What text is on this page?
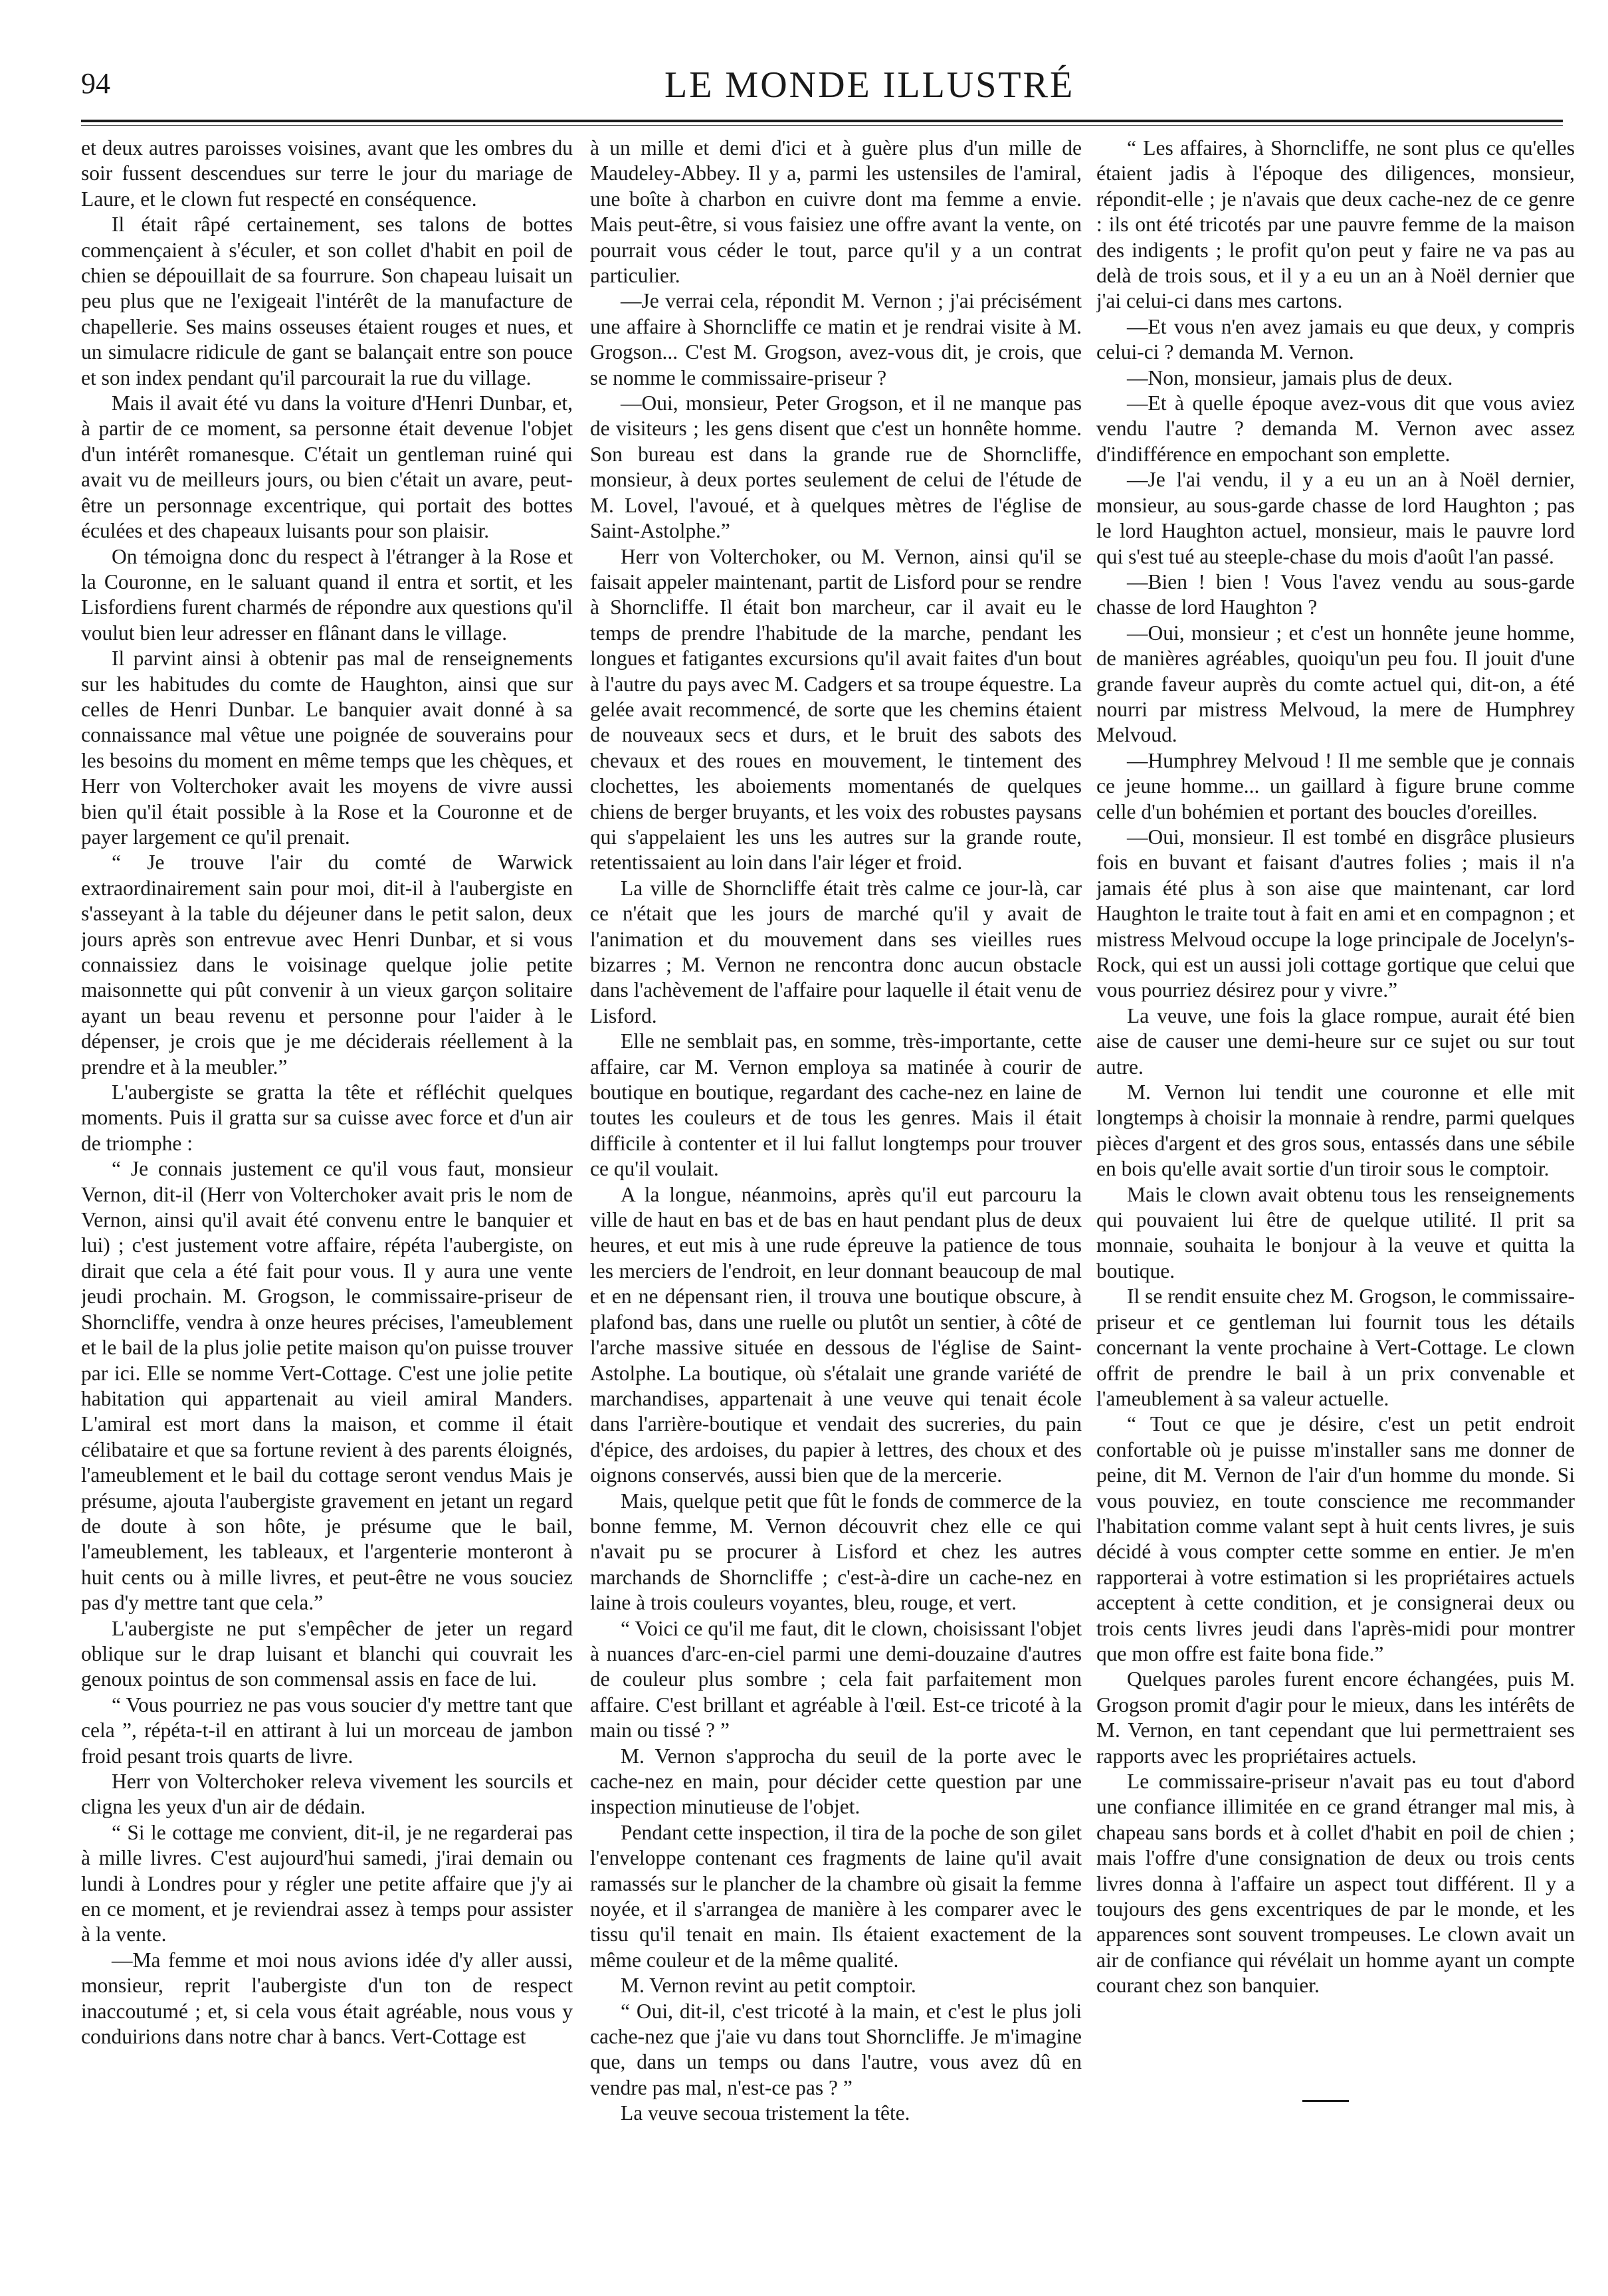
94	LE MONDE ILLUSTRÉ

et deux autres paroisses voisines, avant que les ombres du soir fussent descendues sur terre le jour du mariage de Laure, et le clown fut respecté en conséquence.

Il était râpé certainement, ses talons de bottes commençaient à s'éculer, et son collet d'habit en poil de chien se dépouillait de sa fourrure. Son chapeau luisait un peu plus que ne l'exigeait l'intérêt de la manufacture de chapellerie. Ses mains osseuses étaient rouges et nues, et un simulacre ridicule de gant se balançait entre son pouce et son index pendant qu'il parcourait la rue du village.

Mais il avait été vu dans la voiture d'Henri Dunbar, et, à partir de ce moment, sa personne était devenue l'objet d'un intérêt romanesque. C'était un gentleman ruiné qui avait vu de meilleurs jours, ou bien c'était un avare, peut-être un personnage excentrique, qui portait des bottes éculées et des chapeaux luisants pour son plaisir.

On témoigna donc du respect à l'étranger à la Rose et la Couronne, en le saluant quand il entra et sortit, et les Lisfordiens furent charmés de répondre aux questions qu'il voulut bien leur adresser en flânant dans le village.

Il parvint ainsi à obtenir pas mal de renseignements sur les habitudes du comte de Haughton, ainsi que sur celles de Henri Dunbar. Le banquier avait donné à sa connaissance mal vêtue une poignée de souverains pour les besoins du moment en même temps que les chèques, et Herr von Volterchoker avait les moyens de vivre aussi bien qu'il était possible à la Rose et la Couronne et de payer largement ce qu'il prenait.

“ Je trouve l'air du comté de Warwick extraordinairement sain pour moi, dit-il à l'aubergiste en s'asseyant à la table du déjeuner dans le petit salon, deux jours après son entrevue avec Henri Dunbar, et si vous connaissiez dans le voisinage quelque jolie petite maisonnette qui pût convenir à un vieux garçon solitaire ayant un beau revenu et personne pour l'aider à le dépenser, je crois que je me déciderais réellement à la prendre et à la meubler.”

L'aubergiste se gratta la tête et réfléchit quelques moments. Puis il gratta sur sa cuisse avec force et d'un air de triomphe :

“ Je connais justement ce qu'il vous faut, monsieur Vernon, dit-il (Herr von Volterchoker avait pris le nom de Vernon, ainsi qu'il avait été convenu entre le banquier et lui) ; c'est justement votre affaire, répéta l'aubergiste, on dirait que cela a été fait pour vous. Il y aura une vente jeudi prochain. M. Grogson, le commissaire-priseur de Shorncliffe, vendra à onze heures précises, l'ameublement et le bail de la plus jolie petite maison qu'on puisse trouver par ici. Elle se nomme Vert-Cottage. C'est une jolie petite habitation qui appartenait au vieil amiral Manders. L'amiral est mort dans la maison, et comme il était célibataire et que sa fortune revient à des parents éloignés, l'ameublement et le bail du cottage seront vendus Mais je présume, ajouta l'aubergiste gravement en jetant un regard de doute à son hôte, je présume que le bail, l'ameublement, les tableaux, et l'argenterie monteront à huit cents ou à mille livres, et peut-être ne vous souciez pas d'y mettre tant que cela.”

L'aubergiste ne put s'empêcher de jeter un regard oblique sur le drap luisant et blanchi qui couvrait les genoux pointus de son commensal assis en face de lui.

“ Vous pourriez ne pas vous soucier d'y mettre tant que cela ”, répéta-t-il en attirant à lui un morceau de jambon froid pesant trois quarts de livre.

Herr von Volterchoker releva vivement les sourcils et cligna les yeux d'un air de dédain.

“ Si le cottage me convient, dit-il, je ne regarderai pas à mille livres. C'est aujourd'hui samedi, j'irai demain ou lundi à Londres pour y régler une petite affaire que j'y ai en ce moment, et je reviendrai assez à temps pour assister à la vente.

—Ma femme et moi nous avions idée d'y aller aussi, monsieur, reprit l'aubergiste d'un ton de respect inaccoutumé ; et, si cela vous était agréable, nous vous y conduirions dans notre char à bancs. Vert-Cottage est

à un mille et demi d'ici et à guère plus d'un mille de Maudeley-Abbey. Il y a, parmi les ustensiles de l'amiral, une boîte à charbon en cuivre dont ma femme a envie. Mais peut-être, si vous faisiez une offre avant la vente, on pourrait vous céder le tout, parce qu'il y a un contrat particulier.

—Je verrai cela, répondit M. Vernon ; j'ai précisément une affaire à Shorncliffe ce matin et je rendrai visite à M. Grogson... C'est M. Grogson, avez-vous dit, je crois, que se nomme le commissaire-priseur ?

—Oui, monsieur, Peter Grogson, et il ne manque pas de visiteurs ; les gens disent que c'est un honnête homme. Son bureau est dans la grande rue de Shorncliffe, monsieur, à deux portes seulement de celui de l'étude de M. Lovel, l'avoué, et à quelques mètres de l'église de Saint-Astolphe.”

Herr von Volterchoker, ou M. Vernon, ainsi qu'il se faisait appeler maintenant, partit de Lisford pour se rendre à Shorncliffe. Il était bon marcheur, car il avait eu le temps de prendre l'habitude de la marche, pendant les longues et fatigantes excursions qu'il avait faites d'un bout à l'autre du pays avec M. Cadgers et sa troupe équestre. La gelée avait recommencé, de sorte que les chemins étaient de nouveaux secs et durs, et le bruit des sabots des chevaux et des roues en mouvement, le tintement des clochettes, les aboiements momentanés de quelques chiens de berger bruyants, et les voix des robustes paysans qui s'appelaient les uns les autres sur la grande route, retentissaient au loin dans l'air léger et froid.

La ville de Shorncliffe était très calme ce jour-là, car ce n'était que les jours de marché qu'il y avait de l'animation et du mouvement dans ses vieilles rues bizarres ; M. Vernon ne rencontra donc aucun obstacle dans l'achèvement de l'affaire pour laquelle il était venu de Lisford.

Elle ne semblait pas, en somme, très-importante, cette affaire, car M. Vernon employa sa matinée à courir de boutique en boutique, regardant des cache-nez en laine de toutes les couleurs et de tous les genres. Mais il était difficile à contenter et il lui fallut longtemps pour trouver ce qu'il voulait.

A la longue, néanmoins, après qu'il eut parcouru la ville de haut en bas et de bas en haut pendant plus de deux heures, et eut mis à une rude épreuve la patience de tous les merciers de l'endroit, en leur donnant beaucoup de mal et en ne dépensant rien, il trouva une boutique obscure, à plafond bas, dans une ruelle ou plutôt un sentier, à côté de l'arche massive située en dessous de l'église de Saint-Astolphe. La boutique, où s'étalait une grande variété de marchandises, appartenait à une veuve qui tenait école dans l'arrière-boutique et vendait des sucreries, du pain d'épice, des ardoises, du papier à lettres, des choux et des oignons conservés, aussi bien que de la mercerie.

Mais, quelque petit que fût le fonds de commerce de la bonne femme, M. Vernon découvrit chez elle ce qui n'avait pu se procurer à Lisford et chez les autres marchands de Shorncliffe ; c'est-à-dire un cache-nez en laine à trois couleurs voyantes, bleu, rouge, et vert.

“ Voici ce qu'il me faut, dit le clown, choisissant l'objet à nuances d'arc-en-ciel parmi une demi-douzaine d'autres de couleur plus sombre ; cela fait parfaitement mon affaire. C'est brillant et agréable à l'œil. Est-ce tricoté à la main ou tissé ? ”

M. Vernon s'approcha du seuil de la porte avec le cache-nez en main, pour décider cette question par une inspection minutieuse de l'objet.

Pendant cette inspection, il tira de la poche de son gilet l'enveloppe contenant ces fragments de laine qu'il avait ramassés sur le plancher de la chambre où gisait la femme noyée, et il s'arrangea de manière à les comparer avec le tissu qu'il tenait en main. Ils étaient exactement de la même couleur et de la même qualité.

M. Vernon revint au petit comptoir.

“ Oui, dit-il, c'est tricoté à la main, et c'est le plus joli cache-nez que j'aie vu dans tout Shorncliffe. Je m'imagine que, dans un temps ou dans l'autre, vous avez dû en vendre pas mal, n'est-ce pas ? ”

La veuve secoua tristement la tête.

“ Les affaires, à Shorncliffe, ne sont plus ce qu'elles étaient jadis à l'époque des diligences, monsieur, répondit-elle ; je n'avais que deux cache-nez de ce genre : ils ont été tricotés par une pauvre femme de la maison des indigents ; le profit qu'on peut y faire ne va pas au delà de trois sous, et il y a eu un an à Noël dernier que j'ai celui-ci dans mes cartons.

—Et vous n'en avez jamais eu que deux, y compris celui-ci ? demanda M. Vernon.

—Non, monsieur, jamais plus de deux.

—Et à quelle époque avez-vous dit que vous aviez vendu l'autre ? demanda M. Vernon avec assez d'indifférence en empochant son emplette.

—Je l'ai vendu, il y a eu un an à Noël dernier, monsieur, au sous-garde chasse de lord Haughton ; pas le lord Haughton actuel, monsieur, mais le pauvre lord qui s'est tué au steeple-chase du mois d'août l'an passé.

—Bien ! bien ! Vous l'avez vendu au sous-garde chasse de lord Haughton ?

—Oui, monsieur ; et c'est un honnête jeune homme, de manières agréables, quoiqu'un peu fou. Il jouit d'une grande faveur auprès du comte actuel qui, dit-on, a été nourri par mistress Melvoud, la mere de Humphrey Melvoud.

—Humphrey Melvoud ! Il me semble que je connais ce jeune homme... un gaillard à figure brune comme celle d'un bohémien et portant des boucles d'oreilles.

—Oui, monsieur. Il est tombé en disgrâce plusieurs fois en buvant et faisant d'autres folies ; mais il n'a jamais été plus à son aise que maintenant, car lord Haughton le traite tout à fait en ami et en compagnon ; et mistress Melvoud occupe la loge principale de Jocelyn's-Rock, qui est un aussi joli cottage gortique que celui que vous pourriez désirez pour y vivre.”

La veuve, une fois la glace rompue, aurait été bien aise de causer une demi-heure sur ce sujet ou sur tout autre.

M. Vernon lui tendit une couronne et elle mit longtemps à choisir la monnaie à rendre, parmi quelques pièces d'argent et des gros sous, entassés dans une sébile en bois qu'elle avait sortie d'un tiroir sous le comptoir.

Mais le clown avait obtenu tous les renseignements qui pouvaient lui être de quelque utilité. Il prit sa monnaie, souhaita le bonjour à la veuve et quitta la boutique.

Il se rendit ensuite chez M. Grogson, le commissaire-priseur et ce gentleman lui fournit tous les détails concernant la vente prochaine à Vert-Cottage. Le clown offrit de prendre le bail à un prix convenable et l'ameublement à sa valeur actuelle.

“ Tout ce que je désire, c'est un petit endroit confortable où je puisse m'installer sans me donner de peine, dit M. Vernon de l'air d'un homme du monde. Si vous pouviez, en toute conscience me recommander l'habitation comme valant sept à huit cents livres, je suis décidé à vous compter cette somme en entier. Je m'en rapporterai à votre estimation si les propriétaires actuels acceptent à cette condition, et je consignerai deux ou trois cents livres jeudi dans l'après-midi pour montrer que mon offre est faite bona fide.”

Quelques paroles furent encore échangées, puis M. Grogson promit d'agir pour le mieux, dans les intérêts de M. Vernon, en tant cependant que lui permettraient ses rapports avec les propriétaires actuels.

Le commissaire-priseur n'avait pas eu tout d'abord une confiance illimitée en ce grand étranger mal mis, à chapeau sans bords et à collet d'habit en poil de chien ; mais l'offre d'une consignation de deux ou trois cents livres donna à l'affaire un aspect tout différent. Il y a toujours des gens excentriques de par le monde, et les apparences sont souvent trompeuses. Le clown avait un air de confiance qui révélait un homme ayant un compte courant chez son banquier.
